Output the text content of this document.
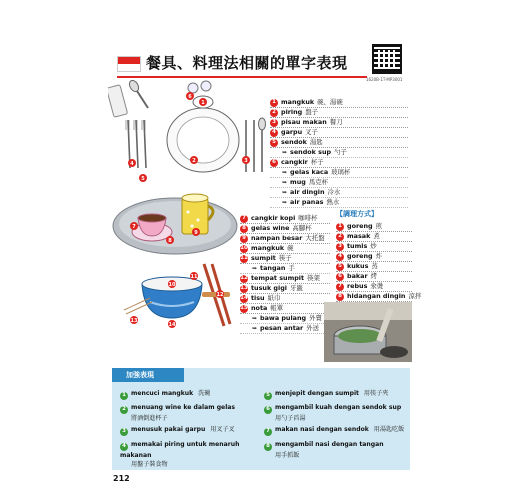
餐具、料理法相關的單字表現
1620B-1T-MP3001
1
2	3
4
5
6
1 mangkuk 碗、湯碗
2 piring 盤子
3 pisau makan 餐刀
4 garpu 叉子
5 sendok 湯匙
➥ sendok sup 勺子
6 cangkir 杯子
➥ gelas kaca 玻璃杯
➥ mug 馬克杯
➥ air dingin 冷水
➥ air panas 熱水
7
8
9
10
11
12
13
14
7 cangkir kopi 咖啡杯
8 gelas wine 高腳杯
9 nampan besar 大托盤
10 mangkuk 碗
11 sumpit 筷子
➥ tangan 手
12 tempat sumpit 筷架
13 tusuk gigi 牙籤
14 tisu 紙巾
15 nota 帳單
➥ bawa pulang 外賣
➥ pesan antar 外送
【調理方式】
1 goreng 煎
2 masak 煮
3 tumis 炒
4 goreng 炸
5 kukus 蒸
6 bakar 烤
7 rebus 氽燙
8 hidangan dingin 涼拌
加強表現
1 mencuci mangkuk 洗碗
2 menuang wine ke dalam gelas
將酒倒進杯子
3 menusuk pakai garpu 用叉子叉
4 memakai piring untuk menaruh makanan
用盤子裝食物
5 menjepit dengan sumpit 用筷子夾
6 mengambil kuah dengan sendok sup
用勺子舀湯
7 makan nasi dengan sendok 用湯匙吃飯
8 mengambil nasi dengan tangan
用手抓飯
212
